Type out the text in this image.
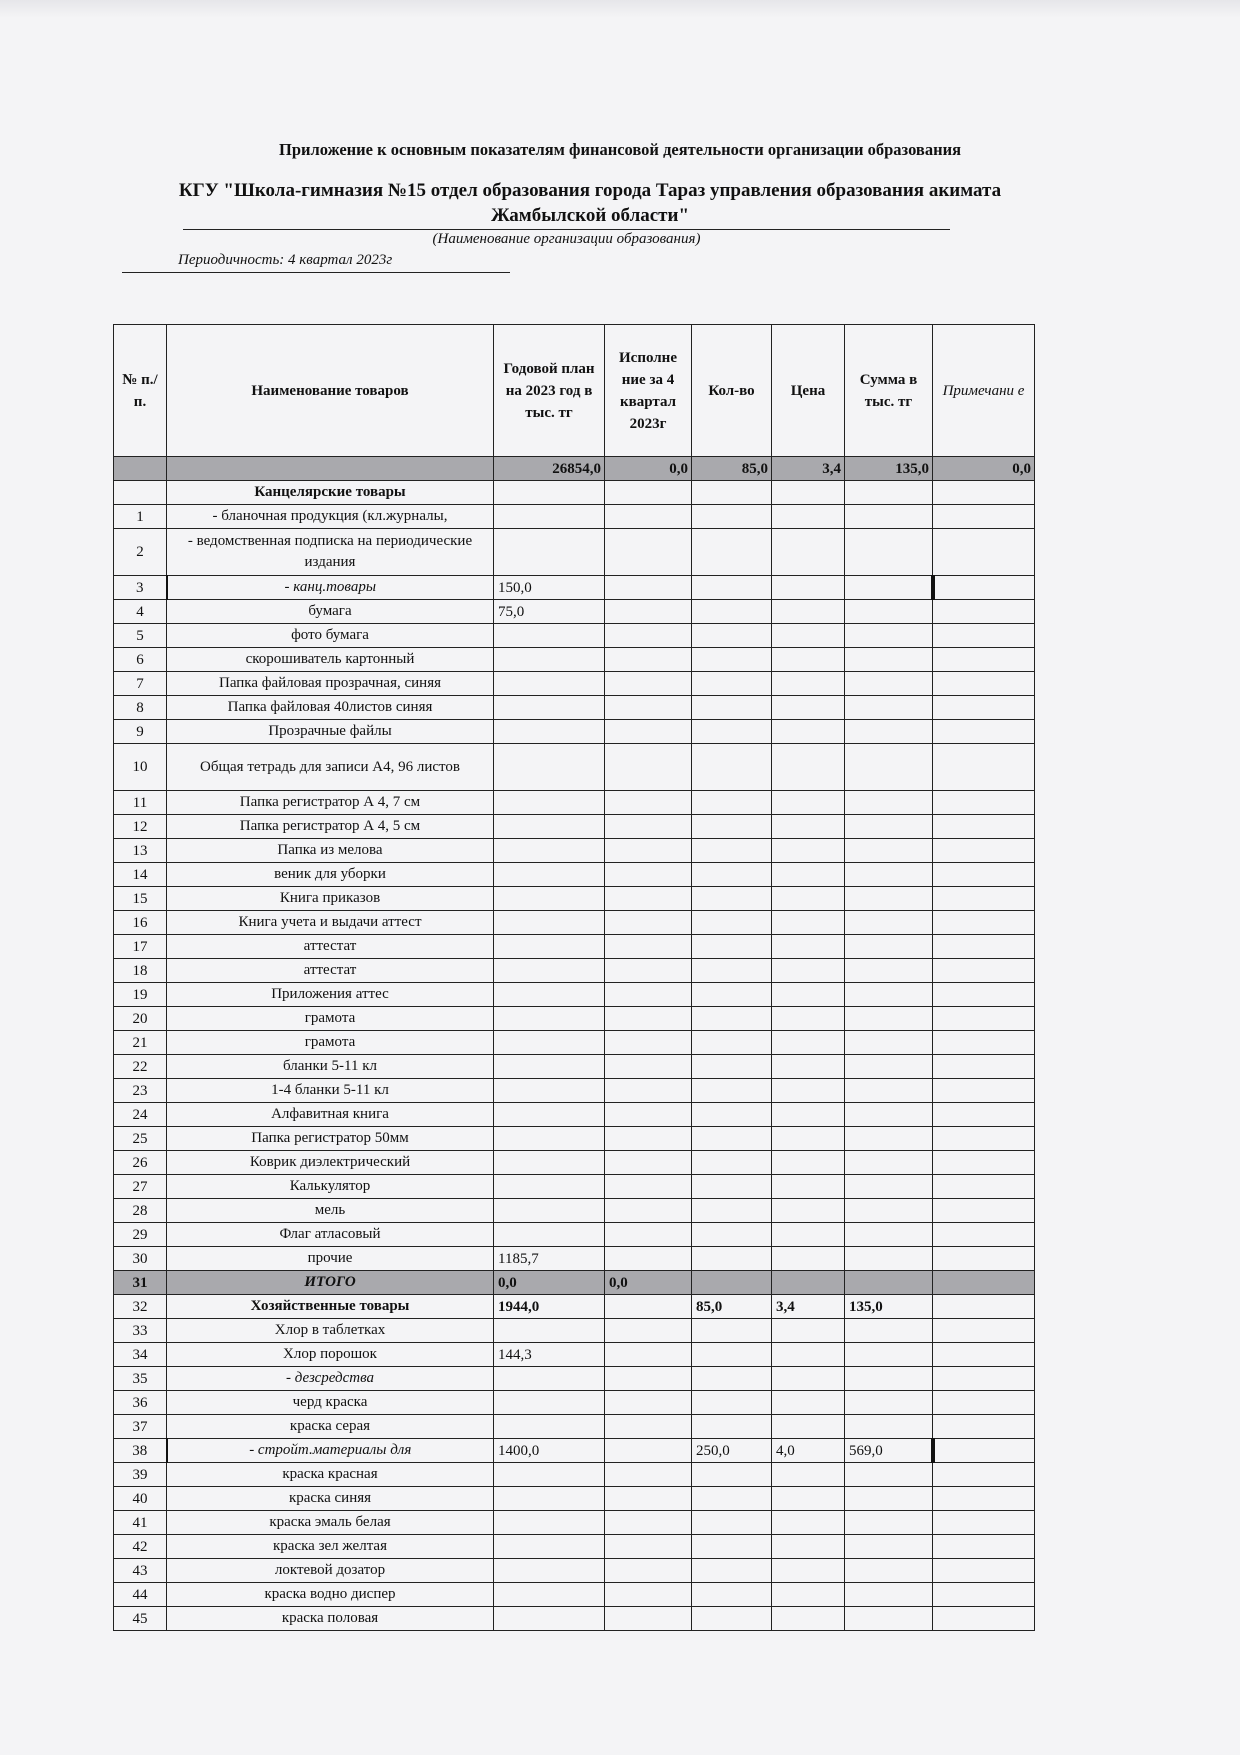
Приложение к основным показателям финансовой деятельности организации образования
КГУ "Школа-гимназия №15 отдел образования города Тараз управления образования акимата
Жамбылской области"
(Наименование организации образования)
Периодичность: 4 квартал 2023г
№ п./п.	Наименование товаров	Годовой план на 2023 год в тыс. тг	Исполне ние за 4 квартал 2023г	Кол-во	Цена	Сумма в тыс. тг	Примечани е
		26854,0	0,0	85,0	3,4	135,0	0,0
	Канцелярские товары						
1	- бланочная продукция (кл.журналы,						
2	- ведомственная подписка на периодические издания						
3	- канц.товары	150,0					
4	бумага	75,0					
5	фото бумага						
6	скорошиватель картонный						
7	Папка файловая прозрачная, синяя						
8	Папка файловая 40листов синяя						
9	Прозрачные файлы						
10	Общая тетрадь для записи А4, 96 листов						
11	Папка регистратор А 4, 7 см						
12	Папка регистратор А 4, 5 см						
13	Папка из мелова						
14	веник для уборки						
15	Книга приказов						
16	Книга учета и выдачи аттест						
17	аттестат						
18	аттестат						
19	Приложения аттес						
20	грамота						
21	грамота						
22	бланки 5-11 кл						
23	1-4 бланки 5-11 кл						
24	Алфавитная книга						
25	Папка регистратор 50мм						
26	Коврик диэлектрический						
27	Калькулятор						
28	мель						
29	Флаг атласовый						
30	прочие	1185,7					
31	ИТОГО	0,0	0,0				
32	Хозяйственные товары	1944,0		85,0	3,4	135,0	
33	Хлор в таблетках						
34	Хлор порошок	144,3					
35	- дезсредства						
36	черд краска						
37	краска серая						
38	- стройт.материалы для	1400,0		250,0	4,0	569,0	
39	краска красная						
40	краска синяя						
41	краска эмаль белая						
42	краска зел желтая						
43	локтевой дозатор						
44	краска водно диспер						
45	краска половая						
